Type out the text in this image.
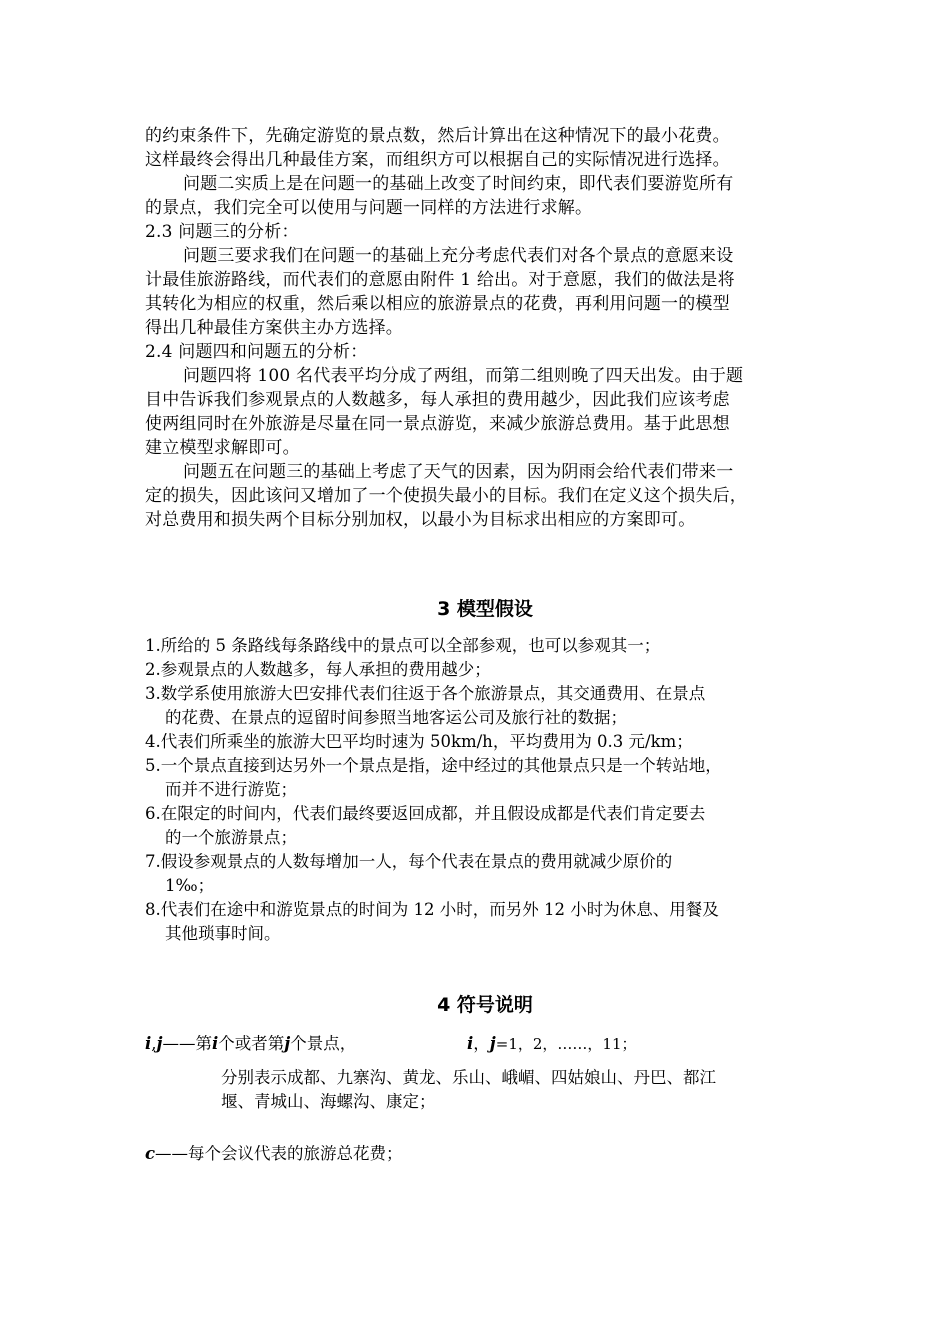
的约束条件下，先确定游览的景点数，然后计算出在这种情况下的最小花费。
这样最终会得出几种最佳方案，而组织方可以根据自己的实际情况进行选择。
问题二实质上是在问题一的基础上改变了时间约束，即代表们要游览所有
的景点，我们完全可以使用与问题一同样的方法进行求解。
2.3 问题三的分析：
问题三要求我们在问题一的基础上充分考虑代表们对各个景点的意愿来设
计最佳旅游路线，而代表们的意愿由附件 1 给出。对于意愿，我们的做法是将
其转化为相应的权重，然后乘以相应的旅游景点的花费，再利用问题一的模型
得出几种最佳方案供主办方选择。
2.4 问题四和问题五的分析：
问题四将 100 名代表平均分成了两组，而第二组则晚了四天出发。由于题
目中告诉我们参观景点的人数越多，每人承担的费用越少，因此我们应该考虑
使两组同时在外旅游是尽量在同一景点游览，来减少旅游总费用。基于此思想
建立模型求解即可。
问题五在问题三的基础上考虑了天气的因素，因为阴雨会给代表们带来一
定的损失，因此该问又增加了一个使损失最小的目标。我们在定义这个损失后，
对总费用和损失两个目标分别加权，以最小为目标求出相应的方案即可。
3 模型假设
1.所给的 5 条路线每条路线中的景点可以全部参观，也可以参观其一；
2.参观景点的人数越多，每人承担的费用越少；
3.数学系使用旅游大巴安排代表们往返于各个旅游景点，其交通费用、在景点
的花费、在景点的逗留时间参照当地客运公司及旅行社的数据；
4.代表们所乘坐的旅游大巴平均时速为 50km/h，平均费用为 0.3 元/km；
5.一个景点直接到达另外一个景点是指，途中经过的其他景点只是一个转站地，
而并不进行游览；
6.在限定的时间内，代表们最终要返回成都，并且假设成都是代表们肯定要去
的一个旅游景点；
7.假设参观景点的人数每增加一人，每个代表在景点的费用就减少原价的
1‰；
8.代表们在途中和游览景点的时间为 12 小时，而另外 12 小时为休息、用餐及
其他琐事时间。
4 符号说明
i,j——第i个或者第j个景点，	i，j=1，2，……，11；
分别表示成都、九寨沟、黄龙、乐山、峨嵋、四姑娘山、丹巴、都江
堰、青城山、海螺沟、康定；
c——每个会议代表的旅游总花费；
